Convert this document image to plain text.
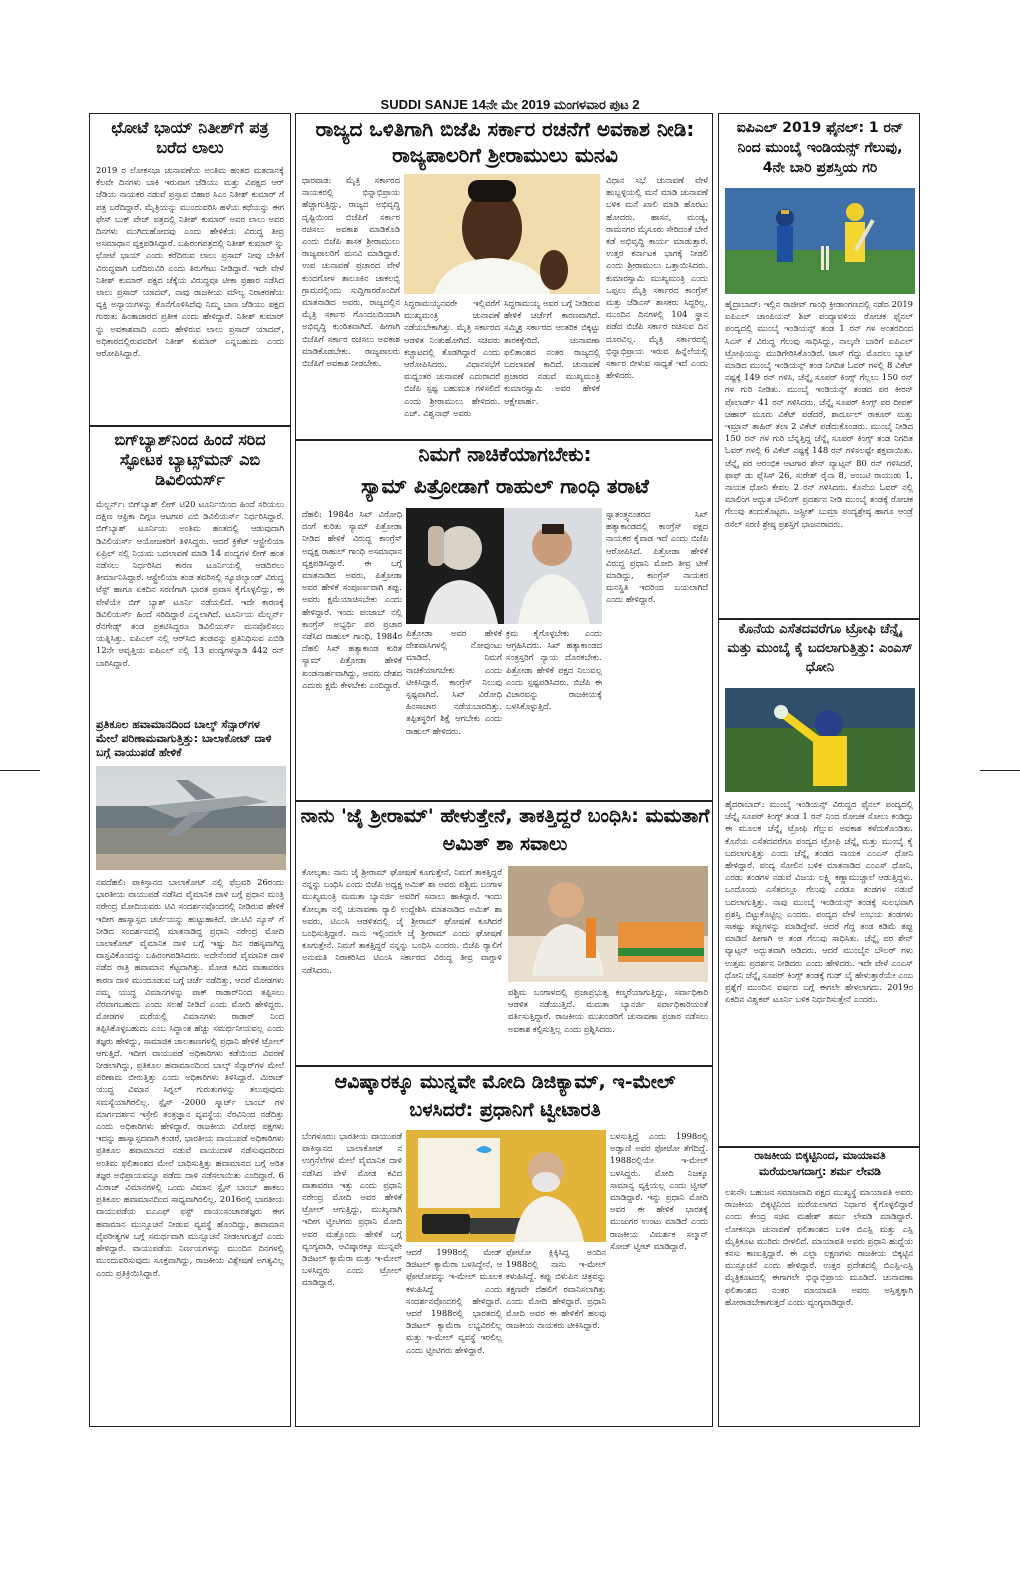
SUDDI SANJE 14ನೇ ಮೇ 2019 ಮಂಗಳವಾರ ಪುಟ 2
ಛೋಟೆ ಭಾಯ್ ನಿತೀಶ್‌ಗೆ ಪತ್ರ ಬರೆದ ಲಾಲು
2019 ರ ಲೋಕಸಭಾ ಚುನಾವಣೆಯ ಅಂತಿಮ ಹಂತದ ಮತದಾನಕ್ಕೆ ಕೆಲವೇ ದಿನಗಳು ಬಾಕಿ ಇರುವಾಗ ಜೆಡಿಯು ಮತ್ತು ವಿಪಕ್ಷದ ಆರ್ ಜೆಡಿಯ ನಾಯಕರ ನಡುವೆ ಪ್ರಸ್ತಾವ ಬಿಹಾರ ಸಿಎಂ ನಿತೀಶ್ ಕುಮಾರ್ ಗೆ ಪತ್ರ ಬರೆದಿದ್ದಾರೆ. ಮೈತ್ರಿಯನ್ನು ಮುಂದುವರಿಸಿ ಹಳೆಯ ಕಥೆಯನ್ನು ಈಗ ಫೇಸ್ ಬುಕ್ ಪೇಜ್ ಪತ್ರದಲ್ಲಿ ನಿತೀಶ್ ಕುಮಾರ್ ಅವರ ಲಾಲು ಅವರ ದಿನಗಳು ಮುಗಿದುಹೋದವು ಎಂದು ಹೇಳಿಕೆಯ ವಿರುದ್ಧ ತೀವ್ರ ಅಸಮಾಧಾನ ವ್ಯಕ್ತಪಡಿಸಿದ್ದಾರೆ. ಬಹಿರಂಗಪತ್ರದಲ್ಲಿ ನಿತೀಶ್ ಕುಮಾರ್ ನ್ನು ಛೋಟೆ ಭಾಯ್ ಎಂದು ಕರೆದಿರುವ ಲಾಲು ಪ್ರಸಾದ್ ನೀವು ಬೇಕಿಗೆ ವಿರುದ್ಧವಾಗಿ ಬರೆದಿರುವಿರಿ ಎಂದು ತಿರುಗೇಟು ನೀಡಿದ್ದಾರೆ. ಇದೇ ವೇಳೆ ನಿತೀಶ್ ಕುಮಾರ್ ಪಕ್ಷದ ಚೆಕ್ಕೆಯ ವಿರುದ್ಧವೂ ಟೀಕಾ ಪ್ರಹಾರ ನಡೆಸಿದ ಲಾಲು ಪ್ರಸಾದ್ ಯಾದವ್, ನಾವು ರಾಜಕೀಯ ಮೌಲ್ಯ ನಿರಾಕರಣೆಯ ವ್ಯಕ್ತಿ ಅನ್ಯಾಯಗಳನ್ನು ಕೊನೆಗೊಳಿಸಿದೆವು ನಿಮ್ಮ ಬಾಣ ಜೆಡಿಯು ಪಕ್ಷದ ಗುರುತು ಹಿಂತಾಚಾರದ ಪ್ರತೀಕ ಎಂದು ಹೇಳಿದ್ದಾರೆ. ನಿತೀಶ್ ಕುಮಾರ್ ನ್ನು ಅವಕಾಶವಾದಿ ಎಂದು ಹೇಳಿರುವ ಲಾಲು ಪ್ರಸಾದ್ ಯಾದವ್, ಅಧಿಕಾರದಲ್ಲಿರುವವರಿಗೆ ನಿತೀಶ್ ಕುಮಾರ್ ಎನ್ನಬಹುದು ಎಂದು ಆರೋಪಿಸಿದ್ದಾರೆ.
ಬಿಗ್‌ಬ್ಯಾಶ್‌ನಿಂದ ಹಿಂದೆ ಸರಿದ ಸ್ಫೋಟಕ ಬ್ಯಾಟ್ಸ್‌ಮನ್ ಎಬಿ ಡಿವಿಲಿಯರ್ಸ್
ಮೆಲ್ಬರ್ನ್: ಬಿಗ್‌ಬ್ಯಾಶ್ ಲೀಗ್ ಟಿ20 ಟೂರ್ನಿಯಿಂದ ಹಿಂದೆ ಸರಿಯಲು ದಕ್ಷಿಣ ಆಫ್ರಿಕಾ ದಿಗ್ಗಜ ಆಟಗಾರ ಎಬಿ ಡಿವಿಲಿಯರ್ಸ್ ನಿರ್ಧರಿಸಿದ್ದಾರೆ. ಬಿಗ್‌ಬ್ಯಾಶ್ ಟೂರ್ನಿಯ ಅಂತಿಮ ಹಂತದಲ್ಲಿ ಆಡುವುದಾಗಿ ಡಿವಿಲಿಯರ್ಸ್ ಆಯೋಜಕರಿಗೆ ತಿಳಿಸಿದ್ದರು. ಆದರೆ ಕ್ರಿಕೆಟ್ ಆಸ್ಟ್ರೇಲಿಯಾ ಏಪ್ರಿಲ್ ನಲ್ಲಿ ನಿಯಮ ಬದಲಾವಣೆ ಮಾಡಿ 14 ಪಂದ್ಯಗಳ ಲೀಗ್ ಹಂತ ನಡೆಸಲು ನಿರ್ಧರಿಸಿದ ಕಾರಣ ಟೂರ್ನಿಯಲ್ಲಿ ಆಡದಿರಲು ತೀರ್ಮಾನಿಸಿದ್ದಾರೆ. ಆಸ್ಟ್ರೇಲಿಯಾ ತಂಡ ತವರಿನಲ್ಲಿ ನ್ಯೂಜಿಲ್ಯಾಂಡ್ ವಿರುದ್ಧ ಟೆಸ್ಟ್ ಹಾಗೂ ಏಕದಿನ ಸರಣಿಗಾಗಿ ಭಾರತ ಪ್ರವಾಸ ಕೈಗೊಳ್ಳಲಿದ್ದು, ಈ ವೇಳೆಯೇ ಬಿಗ್ ಬ್ಯಾಶ್ ಟೂರ್ನಿ ನಡೆಯಲಿದೆ. ಇದೇ ಕಾರಣಕ್ಕೆ ಡಿವಿಲಿಯರ್ಸ್ ಹಿಂದೆ ಸರಿದಿದ್ದಾರೆ ಎನ್ನಲಾಗಿದೆ. ಟೂರ್ನಿಯ ಮೆಲ್ಬರ್ನ್ ರೆನಗೇಡ್ಸ್ ತಂಡ ಪ್ರಕಟಿಸಿದ್ದರೂ ಡಿವಿಲಿಯರ್ಸ್ ಮನವೊಲಿಸಲು ಯತ್ನಿಸಿತ್ತು. ಐಪಿಎಲ್ ನಲ್ಲಿ ಆರ್‌ಸಿಬಿ ತಂಡವನ್ನು ಪ್ರತಿನಿಧಿಸುವ ಎಬಿಡಿ 12ನೇ ಆವೃತ್ತಿಯ ಐಪಿಎಲ್ ನಲ್ಲಿ 13 ಪಂದ್ಯಗಳನ್ನಾಡಿ 442 ರನ್ ಬಾರಿಸಿದ್ದಾರೆ.
ಪ್ರತಿಕೂಲ ಹವಾಮಾನದಿಂದ ಬಾಲ್ಕ್ ಸೆನ್ಸಾರ್‌ಗಳ ಮೇಲೆ ಪರಿಣಾಮವಾಗುತ್ತಿತ್ತು: ಬಾಲಾಕೋಟ್ ದಾಳಿ ಬಗ್ಗೆ ವಾಯುಪಡೆ ಹೇಳಿಕೆ
ನವದೆಹಲಿ: ಪಾಕಿಸ್ತಾನದ ಬಾಲಾಕೋಟ್ ನಲ್ಲಿ ಫೆಬ್ರವರಿ 26ರಂದು ಭಾರತೀಯ ವಾಯುಪಡೆ ನಡೆಸಿದ ವೈಮಾನಿಕ ದಾಳಿ ಬಗ್ಗೆ ಪ್ರಧಾನ ಮಂತ್ರಿ ನರೇಂದ್ರ ಮೋದಿಯವರು ಟಿವಿ ಸಂದರ್ಶನವೊಂದರಲ್ಲಿ ನೀಡಿರುವ ಹೇಳಿಕೆ ಇದೀಗ ಹಾಸ್ಯಾಸ್ಪದ ಚರ್ಚೆಯನ್ನು ಹುಟ್ಟುಹಾಕಿದೆ. ಜೀ.ಟಿವಿ ನ್ಯೂಸ್ ಗೆ ನೀಡಿದ ಸಂದರ್ಶನದಲ್ಲಿ ಮಾತನಾಡಿದ್ದ ಪ್ರಧಾನಿ ನರೇಂದ್ರ ಮೋದಿ ಬಾಲಾಕೋಟ್ ವೈಮಾನಿಕ ದಾಳಿ ಬಗ್ಗೆ ಇಷ್ಟು ದಿನ ರಹಸ್ಯವಾಗಿದ್ದ ವಾಸ್ತವಿಕೊಂದನ್ನು ಬಹಿರಂಗಪಡಿಸಿದರು. ಅದೇನೆಂದರೆ ವೈಮಾನಿಕ ದಾಳಿ ನಡೆದ ರಾತ್ರಿ ಹವಾಮಾನ ಕೆಟ್ಟದಾಗಿತ್ತು. ಮೋಡ ಕವಿದ ವಾತಾವರಣ ಕಾರಣ ದಾಳಿ ಮುಂದೂಡುವ ಬಗ್ಗೆ ಚರ್ಚೆ ನಡೆದಿತ್ತು, ಆದರೆ ಮೋಡಗಳು ನಮ್ಮ ಯುದ್ಧ ವಿಮಾನಗಳನ್ನು ಪಾಕ್ ರಾಡಾರ್‌ನಿಂದ ತಪ್ಪಿಸಲು ನೆರವಾಗಬಹುದು ಎಂದು ಸಲಹೆ ನೀಡಿದೆ ಎಂದು ಮೋದಿ ಹೇಳಿದ್ದರು. ಮೋಡಗಳ ಮರೆಯಲ್ಲಿ ವಿಮಾನಗಳು ರಾಡಾರ್ ನಿಂದ ತಪ್ಪಿಸಿಕೊಳ್ಳಬಹುದು ಎಂಬ ಸಿದ್ಧಾಂತ ಹೆಚ್ಚು ಸಮರ್ಥನೀಯವಲ್ಲ ಎಂದು ತಜ್ಞರು ಹೇಳಿದ್ದು, ಸಾಮಾಜಿಕ ಜಾಲತಾಣಗಳಲ್ಲಿ ಪ್ರಧಾನಿ ಹೇಳಿಕೆ ಟ್ರೋಲ್ ಆಗುತ್ತಿದೆ. ಇದೀಗ ವಾಯುಪಡೆ ಅಧಿಕಾರಿಗಳು ಕಡೆಯಿಂದ ವಿವರಣೆ ನೀಡಲಾಗಿದ್ದು, ಪ್ರತಿಕೂಲ ಹವಾಮಾನದಿಂದ ಬಾಲ್ಕ್ ಸೆನ್ಸಾರ್‌ಗಳ ಮೇಲೆ ಪರಿಣಾಮ ಬೀರುತ್ತಿತ್ತು ಎಂದು ಅಧಿಕಾರಿಗಳು ತಿಳಿಸಿದ್ದಾರೆ. ಮಿರಾಜ್ ಯುದ್ಧ ವಿಮಾನ ಸಿಗ್ನಲ್ ಗುರುತುಗಳನ್ನು ತಲುಪುವುದು ಸಮಸ್ಯೆಯಾಗಿರಲಿಲ್ಲ. ಸ್ಪೈಸ್ -2000 ಸ್ಮಾರ್ಟ್ ಬಾಂಬ್ ಗಳ ಮಾರ್ಗದರ್ಶನ ಇಸ್ರೇಲಿ ತಂತ್ರಜ್ಞಾನ ವ್ಯವಸ್ಥೆಯ ನೆರವಿನಿಂದ ನಡೆದಿತ್ತು ಎಂದು ಅಧಿಕಾರಿಗಳು ಹೇಳಿದ್ದಾರೆ. ರಾಜಕೀಯ ವಿರೋಧ ಪಕ್ಷಗಳು ಇದನ್ನು ಹಾಸ್ಯಾಸ್ಪದವಾಗಿ ಕಂಡರೆ, ಭಾರತೀಯ ವಾಯುಪಡೆ ಅಧಿಕಾರಿಗಳು ಪ್ರತಿಕೂಲ ಹವಾಮಾನದ ನಡುವೆ ವಾಯುದಾಳಿ ನಡೆಸುವುದರಿಂದ ಅಂತಿಮ ಫಲಿತಾಂಶದ ಮೇಲೆ ಬಾಧಿಸುತ್ತಿತ್ತು ಹವಾಮಾನದ ಬಗ್ಗೆ ಅರಿತ ತಜ್ಞರ ಅಭಿಪ್ರಾಯವನ್ನೂ ಪಡೆದು ದಾಳಿ ನಡೆಸಲಾಯಿತು ಎಂದಿದ್ದಾರೆ. 6 ಮಿರಾಜ್ ವಿಮಾನಗಳಲ್ಲಿ ಒಂದು ವಿಮಾನ ಸ್ಪೈಸ್ ಬಾಂಬ್ ಹಾಕಲು ಪ್ರತಿಕೂಲ ಹವಾಮಾನದಿಂದ ಸಾಧ್ಯವಾಗಿರಲಿಲ್ಲ. 2016ರಲ್ಲಿ ಭಾರತೀಯ ವಾಯುಪಡೆಯ ಐಎಎಫ್ ಫಸ್ಟ್ ವಾಯುಸಂಚಾರತಜ್ಞರು ಈಗ ಹವಾಮಾನ ಮುನ್ಸೂಚನೆ ನೀಡುವ ವ್ಯವಸ್ಥೆ ಹೊಂದಿದ್ದು, ಹವಾಮಾನ ವೈಪರೀತ್ಯಗಳ ಬಗ್ಗೆ ಸಮರ್ಥವಾಗಿ ಮುನ್ಸೂಚನೆ ನೀಡಲಾಗುತ್ತದೆ ಎಂದು ಹೇಳಿದ್ದಾರೆ. ವಾಯುಪಡೆಯ ನಿರ್ಣಯಗಳನ್ನು ಮುಂದಿನ ದಿನಗಳಲ್ಲಿ ಮುಂದುವರಿಸುವುದು ಸೂಕ್ತವಾಗಿದ್ದು, ರಾಜಕೀಯ ವಿಶ್ಲೇಷಣೆ ಅಗತ್ಯವಿಲ್ಲ ಎಂದು ಪ್ರತಿಕ್ರಿಯಿಸಿದ್ದಾರೆ.
ರಾಜ್ಯದ ಒಳಿತಿಗಾಗಿ ಬಿಜೆಪಿ ಸರ್ಕಾರ ರಚನೆಗೆ ಅವಕಾಶ ನೀಡಿ: ರಾಜ್ಯಪಾಲರಿಗೆ ಶ್ರೀರಾಮುಲು ಮನವಿ
ಧಾರವಾಡ: ಮೈತ್ರಿ ಸರ್ಕಾರದ ನಾಯಕರಲ್ಲಿ ಭಿನ್ನಾಭಿಪ್ರಾಯ ಹೆಚ್ಚಾಗುತ್ತಿದ್ದು, ರಾಜ್ಯದ ಅಭಿವೃದ್ಧಿ ದೃಷ್ಟಿಯಿಂದ ಬಿಜೆಪಿಗೆ ಸರ್ಕಾರ ರಚಿಸಲು ಅವಕಾಶ ಮಾಡಿಕೊಡಿ ಎಂದು ಬಿಜೆಪಿ ಶಾಸಕ ಶ್ರೀರಾಮುಲು ರಾಜ್ಯಪಾಲರಿಗೆ ಮನವಿ ಮಾಡಿದ್ದಾರೆ. ಉಪ ಚುನಾವಣೆ ಪ್ರಚಾರದ ವೇಳೆ ಕುಂದಗೋಳ ತಾಲೂಕಿನ ಚಾಕಲಬ್ಬಿ ಗ್ರಾಮದಲ್ಲಿಂದು ಸುದ್ದಿಗಾರರೊಂದಿಗೆ ಮಾತನಾಡಿದ ಅವರು, ರಾಜ್ಯದಲ್ಲಿನ ಮೈತ್ರಿ ಸರ್ಕಾರ ಗೊಂದಲದಿಂದಾಗಿ ಅಭಿವೃದ್ಧಿ ಕುಂಠಿತವಾಗಿದೆ. ಹೀಗಾಗಿ ಬಿಜೆಪಿಗೆ ಸರ್ಕಾರ ರಚಿಸಲು ಅವಕಾಶ ಮಾಡಿಕೊಡಬೇಕು. ರಾಜ್ಯಪಾಲರು ಬಿಜೆಪಿಗೆ ಅವಕಾಶ ನೀಡಬೇಕು.
ಸಿದ್ದರಾಮಯ್ಯನವರೇ ಇಲ್ಲಿವರೆಗೆ ಮುಖ್ಯಮಂತ್ರಿ ಚುನಾವಣೆ ನಡೆಯಬೇಕಾಗಿತ್ತು. ಮೈತ್ರಿ ಸರ್ಕಾರದ ಆಡಳಿತ ನಿಂತುಹೋಗಿದೆ. ಸಚಿವರು ಕಚ್ಚಾಟದಲ್ಲಿ ತೊಡಗಿದ್ದಾರೆ ಎಂದು ಆರೋಪಿಸಿದರು. ವಿಧಾನಸಭೆಗೆ ಮಧ್ಯಂತರ ಚುನಾವಣೆ ಎದುರಾದರೆ ಬಿಜೆಪಿ ಸ್ಪಷ್ಟ ಬಹುಮತ ಗಳಿಸಲಿದೆ ಎಂದು ಶ್ರೀರಾಮುಲು ಹೇಳಿದರು. ಎಚ್. ವಿಶ್ವನಾಥ್ ಅವರು
ಸಿದ್ದರಾಮಯ್ಯ ಅವರ ಬಗ್ಗೆ ನೀಡಿರುವ ಹೇಳಿಕೆ ಚರ್ಚೆಗೆ ಕಾರಣವಾಗಿದೆ. ಸಮ್ಮಿಶ್ರ ಸರ್ಕಾರದ ಆಂತರಿಕ ಬಿಕ್ಕಟ್ಟು ತಾರಕಕ್ಕೇರಿದೆ. ಚುನಾವಣಾ ಫಲಿತಾಂಶದ ನಂತರ ರಾಜ್ಯದಲ್ಲಿ ಬದಲಾವಣೆ ಕಾದಿದೆ. ಚುನಾವಣೆ ಪ್ರಚಾರದ ನಡುವೆ ಮುಖ್ಯಮಂತ್ರಿ ಕುಮಾರಸ್ವಾಮಿ ಅವರ ಹೇಳಿಕೆ ಆಕ್ಷೇಪಾರ್ಹ.
ವಿಧಾನ ಸಭೆ ಚುನಾವಣೆ ವೇಳೆ ಹುಬ್ಬಳ್ಳಿಯಲ್ಲಿ ಮನೆ ಮಾಡಿ ಚುನಾವಣೆ ಬಳಿಕ ಮನೆ ಖಾಲಿ ಮಾಡಿ ಹೊರಟು ಹೋದರು. ಹಾಸನ, ಮಂಡ್ಯ, ರಾಮನಗರ ಮೈಸೂರು ಸೇರಿದಂತೆ ಬೇರೆ ಕಡೆ ಅಭಿವೃದ್ಧಿ ಕಾರ್ಯ ಮಾಡುತ್ತಾರೆ. ಉತ್ತರ ಕರ್ನಾಟಕ ಭಾಗಕ್ಕೆ ನೀಡಲಿ ಎಂದು ಶ್ರೀರಾಮುಲು ಒತ್ತಾಯಿಸಿದರು. ಕುಮಾರಸ್ವಾಮಿ ಮುಖ್ಯಮಂತ್ರಿ ಎಂದು ಒಪ್ಪಲು ಮೈತ್ರಿ ಸರ್ಕಾರದ ಕಾಂಗ್ರೆಸ್ ಮತ್ತು ಜೆಡಿಎಸ್ ಶಾಸಕರು ಸಿದ್ಧರಿಲ್ಲ. ಮುಂದಿನ ದಿನಗಳಲ್ಲಿ 104 ಸ್ಥಾನ ಪಡೆದ ಬಿಜೆಪಿ ಸರ್ಕಾರ ರಚಿಸುವ ದಿನ ದೂರವಿಲ್ಲ. ಮೈತ್ರಿ ಸರ್ಕಾರದಲ್ಲಿ ಭಿನ್ನಾಭಿಪ್ರಾಯ ಇರುವ ಹಿನ್ನೆಲೆಯಲ್ಲಿ ಸರ್ಕಾರ ಬೀಳುವ ಸಾಧ್ಯತೆ ಇದೆ ಎಂದು ಹೇಳಿದರು.
ನಿಮಗೆ ನಾಚಿಕೆಯಾಗಬೇಕು:
ಸ್ಯಾಮ್ ಪಿತ್ರೋಡಾಗೆ ರಾಹುಲ್ ಗಾಂಧಿ ತರಾಟೆ
ದೆಹಲಿ: 1984ರ ಸಿಖ್ ವಿರೋಧಿ ದಂಗೆ ಕುರಿತು ಸ್ಯಾಮ್ ಪಿತ್ರೋಡಾ ನೀಡಿದ ಹೇಳಿಕೆ ವಿರುದ್ಧ ಕಾಂಗ್ರೆಸ್ ಅಧ್ಯಕ್ಷ ರಾಹುಲ್ ಗಾಂಧಿ ಅಸಮಾಧಾನ ವ್ಯಕ್ತಪಡಿಸಿದ್ದಾರೆ. ಈ ಬಗ್ಗೆ ಮಾತನಾಡಿದ ಅವರು, ಪಿತ್ರೋಡಾ ಅವರ ಹೇಳಿಕೆ ಸಂಪೂರ್ಣವಾಗಿ ತಪ್ಪು. ಅವರು ಕ್ಷಮೆಯಾಚಿಸಬೇಕು ಎಂದು ಹೇಳಿದ್ದಾರೆ. ಇಂದು ಪಂಜಾಬ್ ನಲ್ಲಿ ಕಾಂಗ್ರೆಸ್ ಅಭ್ಯರ್ಥಿ ಪರ ಪ್ರಚಾರ ನಡೆಸಿದ ರಾಹುಲ್ ಗಾಂಧಿ, 1984ರ ದೆಹಲಿ ಸಿಖ್ ಹತ್ಯಾಕಾಂಡ ಕುರಿತ ಸ್ಯಾಮ್ ಪಿತ್ರೋಡಾ ಹೇಳಿಕೆ ಖಂಡನಾರ್ಹವಾಗಿದ್ದು, ಅವರು ದೇಶದ ಎದುರು ಕ್ಷಮೆ ಕೇಳಬೇಕು ಎಂದಿದ್ದಾರೆ.
ಪಿತ್ರೋಡಾ ಅವರ ಹೇಳಿಕೆ ದೇಶವಾಸಿಗಳಲ್ಲಿ ನೋವುಂಟು ಮಾಡಿದೆ. ನಿಮಗೆ ನಾಚಿಕೆಯಾಗಬೇಕು ಎಂದು ಟೀಕಿಸಿದ್ದಾರೆ. ಕಾಂಗ್ರೆಸ್ ನಿಲುವು ಸ್ಪಷ್ಟವಾಗಿದೆ. ಸಿಖ್ ವಿರೋಧಿ ಹಿಂಸಾಚಾರ ನಡೆಯಬಾರದಿತ್ತು. ತಪ್ಪಿತಸ್ಥರಿಗೆ ಶಿಕ್ಷೆ ಆಗಬೇಕು ಎಂದು ರಾಹುಲ್ ಹೇಳಿದರು.
ಕ್ರಮ ಕೈಗೊಳ್ಳಬೇಕು ಎಂದು ಆಗ್ರಹಿಸಿದರು. ಸಿಖ್ ಹತ್ಯಾಕಾಂಡದ ಸಂತ್ರಸ್ತರಿಗೆ ನ್ಯಾಯ ದೊರಕಬೇಕು. ಪಿತ್ರೋಡಾ ಹೇಳಿಕೆ ಪಕ್ಷದ ನಿಲುವಲ್ಲ ಎಂದು ಸ್ಪಷ್ಟಪಡಿಸಿದರು. ಬಿಜೆಪಿ ಈ ವಿಚಾರವನ್ನು ರಾಜಕೀಯಕ್ಕೆ ಬಳಸಿಕೊಳ್ಳುತ್ತಿದೆ.
ಸ್ವಾತಂತ್ರ್ಯನಂತರದ ಸಿಖ್ ಹತ್ಯಾಕಾಂಡದಲ್ಲಿ ಕಾಂಗ್ರೆಸ್ ಪಕ್ಷದ ನಾಯಕರ ಕೈವಾಡ ಇದೆ ಎಂದು ಬಿಜೆಪಿ ಆರೋಪಿಸಿದೆ. ಪಿತ್ರೋಡಾ ಹೇಳಿಕೆ ವಿರುದ್ಧ ಪ್ರಧಾನಿ ಮೋದಿ ತೀವ್ರ ಟೀಕೆ ಮಾಡಿದ್ದು, ಕಾಂಗ್ರೆಸ್ ನಾಯಕರ ಮನಸ್ಥಿತಿ ಇದರಿಂದ ಬಯಲಾಗಿದೆ ಎಂದು ಹೇಳಿದ್ದಾರೆ.
ನಾನು 'ಜೈ ಶ್ರೀರಾಮ್' ಹೇಳುತ್ತೇನೆ, ತಾಕತ್ತಿದ್ದರೆ ಬಂಧಿಸಿ: ಮಮತಾಗೆ ಅಮಿತ್ ಶಾ ಸವಾಲು
ಕೋಲ್ಕತಾ: ನಾನು ಜೈ ಶ್ರೀರಾಮ್ ಘೋಷಣೆ ಕೂಗುತ್ತೇನೆ, ನಿಮಗೆ ತಾಕತ್ತಿದ್ದರೆ ನನ್ನನ್ನು ಬಂಧಿಸಿ ಎಂದು ಬಿಜೆಪಿ ಅಧ್ಯಕ್ಷ ಅಮಿತ್ ಶಾ ಅವರು ಪಶ್ಚಿಮ ಬಂಗಾಳ ಮುಖ್ಯಮಂತ್ರಿ ಮಮತಾ ಬ್ಯಾನರ್ಜಿ ಅವರಿಗೆ ಸವಾಲು ಹಾಕಿದ್ದಾರೆ. ಇಂದು ಕೋಲ್ಕತಾ ನಲ್ಲಿ ಚುನಾವಣಾ ರ್‍ಯಾಲಿ ಉದ್ದೇಶಿಸಿ ಮಾತನಾಡಿದ ಅಮಿತ್ ಶಾ ಅವರು, ಟಿಎಂಸಿ ಆಡಳಿತದಲ್ಲಿ ಜೈ ಶ್ರೀರಾಮ್ ಘೋಷಣೆ ಕೂಗಿದರೆ ಬಂಧಿಸುತ್ತಿದ್ದಾರೆ. ನಾನು ಇಲ್ಲಿಂದಲೇ ಜೈ ಶ್ರೀರಾಮ್ ಎಂದು ಘೋಷಣೆ ಕೂಗುತ್ತೇನೆ. ನಿಮಗೆ ತಾಕತ್ತಿದ್ದರೆ ನನ್ನನ್ನು ಬಂಧಿಸಿ ಎಂದರು. ಬಿಜೆಪಿ ರ್‍ಯಾಲಿಗೆ ಅನುಮತಿ ನಿರಾಕರಿಸಿದ ಟಿಎಂಸಿ ಸರ್ಕಾರದ ವಿರುದ್ಧ ತೀವ್ರ ವಾಗ್ದಾಳಿ ನಡೆಸಿದರು.
ಪಶ್ಚಿಮ ಬಂಗಾಳದಲ್ಲಿ ಪ್ರಜಾಪ್ರಭುತ್ವ ಕಣ್ಮರೆಯಾಗುತ್ತಿದ್ದು, ಸರ್ವಾಧಿಕಾರಿ ಆಡಳಿತ ನಡೆಯುತ್ತಿದೆ. ಮಮತಾ ಬ್ಯಾನರ್ಜಿ ಸರ್ವಾಧಿಕಾರಿಯಂತೆ ವರ್ತಿಸುತ್ತಿದ್ದಾರೆ. ರಾಜಕೀಯ ಮುಖಂಡರಿಗೆ ಚುನಾವಣಾ ಪ್ರಚಾರ ನಡೆಸಲು ಅವಕಾಶ ಕಲ್ಪಿಸುತ್ತಿಲ್ಲ ಎಂದು ಪ್ರಶ್ನಿಸಿದರು.
ಆವಿಷ್ಕಾರಕ್ಕೂ ಮುನ್ನವೇ ಮೋದಿ ಡಿಜಿಕ್ಯಾಮ್, ಇ-ಮೇಲ್ ಬಳಸಿದರೆ: ಪ್ರಧಾನಿಗೆ ಟ್ವೀಟಾರತಿ
ಬೆಂಗಳೂರು: ಭಾರತೀಯ ವಾಯುಪಡೆ ಪಾಕಿಸ್ತಾನದ ಬಾಲಾಕೋಟ್ ನ ಉಗ್ರನೆಲೆಗಳ ಮೇಲೆ ವೈಮಾನಿಕ ದಾಳಿ ನಡೆಸಿದ ವೇಳೆ ಮೋಡ ಕವಿದ ವಾತಾವರಣ ಇತ್ತು ಎಂದು ಪ್ರಧಾನಿ ನರೇಂದ್ರ ಮೋದಿ ಅವರ ಹೇಳಿಕೆ ಟ್ರೋಲ್ ಆಗುತ್ತಿದ್ದು, ಮುಖ್ಯವಾಗಿ ಇದೀಗ ಟ್ವೀಟಿಗರು ಪ್ರಧಾನಿ ಮೋದಿ ಅವರ ಮತ್ತೊಂದು ಹೇಳಿಕೆ ಬಗ್ಗೆ ವ್ಯಂಗ್ಯವಾಡಿ, ಆವಿಷ್ಕಾರಕ್ಕೂ ಮುನ್ನವೇ ಡಿಜಿಟಲ್ ಕ್ಯಾಮೆರಾ ಮತ್ತು ಇ-ಮೇಲ್ ಬಳಸಿದ್ದರು ಎಂದು ಟ್ರೋಲ್ ಮಾಡಿದ್ದಾರೆ.
ಆದರೆ 1998ರಲ್ಲಿ ಮೇಡ್ ಡಿಜಿಟಲ್ ಕ್ಯಾಮೆರಾ ಬಳಸಿದ್ದೇನೆ, ಆ ಫೋಟೋವನ್ನು ಇ-ಮೇಲ್ ಮೂಲಕ ಕಳುಹಿಸಿದ್ದೆ ಎಂದು ಸಂದರ್ಶನವೊಂದರಲ್ಲಿ ಹೇಳಿದ್ದಾರೆ. ಆದರೆ 1988ರಲ್ಲಿ ಭಾರತದಲ್ಲಿ ಡಿಜಿಟಲ್ ಕ್ಯಾಮೆರಾ ಲಭ್ಯವಿರಲಿಲ್ಲ ಮತ್ತು ಇ-ಮೇಲ್ ವ್ಯವಸ್ಥೆ ಇರಲಿಲ್ಲ ಎಂದು ಟ್ವೀಟಿಗರು ಹೇಳಿದ್ದಾರೆ.
ಫೋಟೋ ಕ್ಲಿಕ್ಕಿಸಿದ್ದ ಅಂದಿನ 1988ರಲ್ಲಿ ನಾನು ಇ-ಮೇಲ್ ಕಳುಹಿಸಿದ್ದೆ. ಕಪ್ಪು ಬಿಳುಪಿನ ಚಿತ್ರವನ್ನು ತಕ್ಷಣವೇ ದೆಹಲಿಗೆ ರವಾನಿಸಲಾಗಿತ್ತು ಎಂದು ಮೋದಿ ಹೇಳಿದ್ದಾರೆ. ಪ್ರಧಾನಿ ಮೋದಿ ಅವರ ಈ ಹೇಳಿಕೆಗೆ ಹಲವು ರಾಜಕೀಯ ನಾಯಕರು ಟೀಕಿಸಿದ್ದಾರೆ.
ಬಳಸುತ್ತಿದ್ದೆ ಎಂದು 1998ರಲ್ಲಿ ಅಡ್ವಾಣಿ ಅವರ ಫೋಟೋ ತೆಗೆದಿದ್ದೆ. 1988ರಲ್ಲಿಯೇ ಇ-ಮೇಲ್ ಬಳಸಿದ್ದರು. ಮೋದಿ ನಿಜಕ್ಕೂ ಸಾಮಾನ್ಯ ವ್ಯಕ್ತಿಯಲ್ಲ ಎಂದು ಟ್ವೀಟ್ ಮಾಡಿದ್ದಾರೆ. ಇನ್ನು ಪ್ರಧಾನಿ ಮೋದಿ ಅವರ ಈ ಹೇಳಿಕೆ ಭಾರತಕ್ಕೆ ಮುಜುಗರ ಉಂಟು ಮಾಡಿದೆ ಎಂದು ರಾಜಕೀಯ ವಿಮರ್ಶಕ ಸಲ್ಮಾನ್ ಸೋಜ್ ಟ್ವೀಟ್ ಮಾಡಿದ್ದಾರೆ.
ಐಪಿಎಲ್ 2019 ಫೈನಲ್: 1 ರನ್ ನಿಂದ ಮುಂಬೈ ಇಂಡಿಯನ್ಸ್ ಗೆಲುವು, 4ನೇ ಬಾರಿ ಪ್ರಶಸ್ತಿಯ ಗರಿ
ಹೈದ್ರಾಬಾದ್: ಇಲ್ಲಿನ ರಾಜೀವ್ ಗಾಂಧಿ ಕ್ರೀಡಾಂಗಣದಲ್ಲಿ ನಡೆದ 2019 ಐಪಿಎಲ್ ಚಾಂಪಿಯನ್ ಶಿಪ್ ಪಂದ್ಯಾವಳಿಯ ರೋಚಕ ಫೈನಲ್ ಪಂದ್ಯದಲ್ಲಿ ಮುಂಬೈ ಇಂಡಿಯನ್ಸ್ ತಂಡ 1 ರನ್ ಗಳ ಅಂತರದಿಂದ ಸಿಎಸ್ ಕೆ ವಿರುದ್ಧ ಗೆಲುವು ಸಾಧಿಸಿದ್ದು, ನಾಲ್ಕನೇ ಬಾರಿಗೆ ಐಪಿಎಲ್ ಟ್ರೋಫಿಯನ್ನು ಮುಡಿಗೇರಿಸಿಕೊಂಡಿದೆ. ಟಾಸ್ ಗೆದ್ದು ಮೊದಲು ಬ್ಯಾಟ್ ಮಾಡಿದ ಮುಂಬೈ ಇಂಡಿಯನ್ಸ್ ತಂಡ ನಿಗದಿತ ಓವರ್ ಗಳಲ್ಲಿ 8 ವಿಕೆಟ್ ನಷ್ಟಕ್ಕೆ 149 ರನ್ ಗಳಿಸಿ, ಚೆನ್ನೈ ಸೂಪರ್ ಕಿಂಗ್ಸ್ ಗೆಲ್ಲಲು 150 ರನ್ ಗಳ ಗುರಿ ನೀಡಿತು. ಮುಂಬೈ ಇಂಡಿಯನ್ಸ್ ತಂಡದ ಪರ ಕೀರನ್ ಪೊಲಾರ್ಡ್ 41 ರನ್ ಗಳಿಸಿದರು. ಚೆನ್ನೈ ಸೂಪರ್ ಕಿಂಗ್ಸ್ ಪರ ದೀಪಕ್ ಚಹಾರ್ ಮೂರು ವಿಕೆಟ್ ಪಡೆದರೆ, ಶಾರ್ದೂಲ್ ಠಾಕೂರ್ ಮತ್ತು ಇಮ್ರಾನ್ ತಾಹಿರ್ ತಲಾ 2 ವಿಕೆಟ್ ಪಡೆದುಕೊಂಡರು. ಮುಂಬೈ ನೀಡಿದ 150 ರನ್ ಗಳ ಗುರಿ ಬೆನ್ನತ್ತಿದ್ದ ಚೆನ್ನೈ ಸೂಪರ್ ಕಿಂಗ್ಸ್ ತಂಡ ನಿಗದಿತ ಓವರ್ ಗಳಲ್ಲಿ 6 ವಿಕೆಟ್ ನಷ್ಟಕ್ಕೆ 148 ರನ್ ಗಳಿಸಲಷ್ಟೇ ಶಕ್ತವಾಯಿತು. ಚೆನ್ನೈ ಪರ ಆರಂಭಿಕ ಆಟಗಾರ ಶೇನ್ ವ್ಯಾಟ್ಸನ್ 80 ರನ್ ಗಳಿಸಿದರೆ, ಫಾಫ್ ಡು ಪ್ಲೆಸಿಸ್ 26, ಸುರೇಶ್ ರೈನಾ 8, ಅಂಬಟಿ ರಾಯುಡು 1, ನಾಯಕ ಧೋನಿ ಕೇವಲ 2 ರನ್ ಗಳಿಸಿದರು. ಕೊನೆಯ ಓವರ್ ನಲ್ಲಿ ಮಾಲಿಂಗ ಅದ್ಭುತ ಬೌಲಿಂಗ್ ಪ್ರದರ್ಶನ ನೀಡಿ ಮುಂಬೈ ತಂಡಕ್ಕೆ ರೋಚಕ ಗೆಲುವು ತಂದುಕೊಟ್ಟರು. ಜಸ್ಪ್ರೀತ್ ಬುಮ್ರಾ ಪಂದ್ಯಶ್ರೇಷ್ಠ ಹಾಗೂ ಆಂಡ್ರೆ ರಸೆಲ್ ಸರಣಿ ಶ್ರೇಷ್ಠ ಪ್ರಶಸ್ತಿಗೆ ಭಾಜನರಾದರು.
ಕೊನೆಯ ಎಸೆತದವರೆಗೂ ಟ್ರೋಫಿ ಚೆನ್ನೈ ಮತ್ತು ಮುಂಬೈ ಕೈ ಬದಲಾಗುತ್ತಿತ್ತು: ಎಂಎಸ್ ಧೋನಿ
ಹೈದರಾಬಾದ್: ಮುಂಬೈ ಇಂಡಿಯನ್ಸ್ ವಿರುದ್ಧದ ಫೈನಲ್ ಪಂದ್ಯದಲ್ಲಿ ಚೆನ್ನೈ ಸೂಪರ್ ಕಿಂಗ್ಸ್ ತಂಡ 1 ರನ್ ನಿಂದ ರೋಚಕ ಸೋಲು ಕಂಡಿದ್ದು ಈ ಮೂಲಕ ಚೆನ್ನೈ ಟ್ರೋಫಿ ಗೆಲ್ಲುವ ಅವಕಾಶ ಕಳೆದುಕೊಂಡಿತು. ಕೊನೆಯ ಎಸೆತದವರೆಗೂ ಪಂದ್ಯದ ಟ್ರೋಫಿ ಚೆನ್ನೈ ಮತ್ತು ಮುಂಬೈ ಕೈ ಬದಲಾಗುತ್ತಿತ್ತು ಎಂದು ಚೆನ್ನೈ ತಂಡದ ನಾಯಕ ಎಂಎಸ್ ಧೋನಿ ಹೇಳಿದ್ದಾರೆ. ಪಂದ್ಯ ಸೋಲಿನ ಬಳಿಕ ಮಾತನಾಡಿದ ಎಂಎಸ್ ಧೋನಿ, ಎರಡು ತಂಡಗಳ ನಡುವೆ ವಿಜಯ ಲಕ್ಷ್ಮಿ ಕಣ್ಣಾಮುಚ್ಚಾಲೆ ಆಡುತ್ತಿದ್ದಳು. ಒಂದೊಂದು ಎಸೆತದಲ್ಲೂ ಗೆಲುವು ಎರಡೂ ತಂಡಗಳ ನಡುವೆ ಬದಲಾಗುತ್ತಿತ್ತು. ನಾವು ಮುಂಬೈ ಇಂಡಿಯನ್ಸ್ ತಂಡಕ್ಕೆ ಸುಲಭವಾಗಿ ಪ್ರಶಸ್ತಿ ಬಿಟ್ಟುಕೊಟ್ಟಿಲ್ಲ ಎಂದರು. ಪಂದ್ಯದ ವೇಳೆ ಉಭಯ ತಂಡಗಳು ಸಾಕಷ್ಟು ತಪ್ಪುಗಳನ್ನು ಮಾಡಿದ್ದೇವೆ. ಆದರೆ ಗೆದ್ದ ತಂಡ ಕಡಿಮೆ ತಪ್ಪು ಮಾಡಿದೆ ಹೀಗಾಗಿ ಆ ತಂಡ ಗೆಲುವು ಸಾಧಿಸಿತು. ಚೆನ್ನೈ ಪರ ಶೇನ್ ವ್ಯಾಟ್ಸನ್ ಅದ್ಭುತವಾಗಿ ಆಡಿದರು. ಆದರೆ ಮುಂಬೈನ ಬೌಲರ್ ಗಳು ಉತ್ತಮ ಪ್ರದರ್ಶನ ನೀಡಿದರು ಎಂದು ಹೇಳಿದರು. ಇದೇ ವೇಳೆ ಎಂಎಸ್ ಧೋನಿ ಚೆನ್ನೈ ಸೂಪರ್ ಕಿಂಗ್ಸ್ ತಂಡಕ್ಕೆ ಗುಡ್ ಬೈ ಹೇಳುತ್ತಾರೆಯೇ ಎಂಬ ಪ್ರಶ್ನೆಗೆ ಮುಂದಿನ ವರ್ಷದ ಬಗ್ಗೆ ಈಗಲೇ ಹೇಳಲಾಗದು. 2019ರ ಏಕದಿನ ವಿಶ್ವಕಪ್ ಟೂರ್ನಿ ಬಳಿಕ ನಿರ್ಧರಿಸುತ್ತೇನೆ ಎಂದರು.
ರಾಜಕೀಯ ಬಿಕ್ಕಟ್ಟಿನಿಂದ, ಮಾಯಾವತಿ ಮರೆಯಲಾಗದಾಗ್ತ: ಶರ್ಮ ಲೇವಡಿ
ಲಖನೌ: ಬಹುಜನ ಸಮಾಜವಾದಿ ಪಕ್ಷದ ಮುಖ್ಯಸ್ಥೆ ಮಾಯಾವತಿ ಅವರು ರಾಜಕೀಯ ಬಿಕ್ಕಟ್ಟಿನಿಂದ ಮರೆಯಲಾಗದ ನಿರ್ಧಾರ ಕೈಗೊಳ್ಳಲಿದ್ದಾರೆ ಎಂದು ಕೇಂದ್ರ ಸಚಿವ ಮಹೇಶ್ ಶರ್ಮ ಲೇವಡಿ ಮಾಡಿದ್ದಾರೆ. ಲೋಕಸಭಾ ಚುನಾವಣೆ ಫಲಿತಾಂಶದ ಬಳಿಕ ಬಿಎಸ್ಪಿ ಮತ್ತು ಎಸ್ಪಿ ಮೈತ್ರಿಕೂಟ ಮುರಿದು ಬೀಳಲಿದೆ. ಮಾಯಾವತಿ ಅವರು ಪ್ರಧಾನಿ ಹುದ್ದೆಯ ಕನಸು ಕಾಣುತ್ತಿದ್ದಾರೆ. ಈ ಎಲ್ಲಾ ಲಕ್ಷಣಗಳು ರಾಜಕೀಯ ಬಿಕ್ಕಟ್ಟಿನ ಮುನ್ಸೂಚನೆ ಎಂದು ಹೇಳಿದ್ದಾರೆ. ಉತ್ತರ ಪ್ರದೇಶದಲ್ಲಿ ಬಿಎಸ್ಪಿ-ಎಸ್ಪಿ ಮೈತ್ರಿಕೂಟದಲ್ಲಿ ಈಗಾಗಲೇ ಭಿನ್ನಾಭಿಪ್ರಾಯ ಮೂಡಿದೆ. ಚುನಾವಣಾ ಫಲಿತಾಂಶದ ನಂತರ ಮಾಯಾವತಿ ಅವರು ಅಸ್ತಿತ್ವಕ್ಕಾಗಿ ಹೋರಾಡಬೇಕಾಗುತ್ತದೆ ಎಂದು ವ್ಯಂಗ್ಯವಾಡಿದ್ದಾರೆ.
